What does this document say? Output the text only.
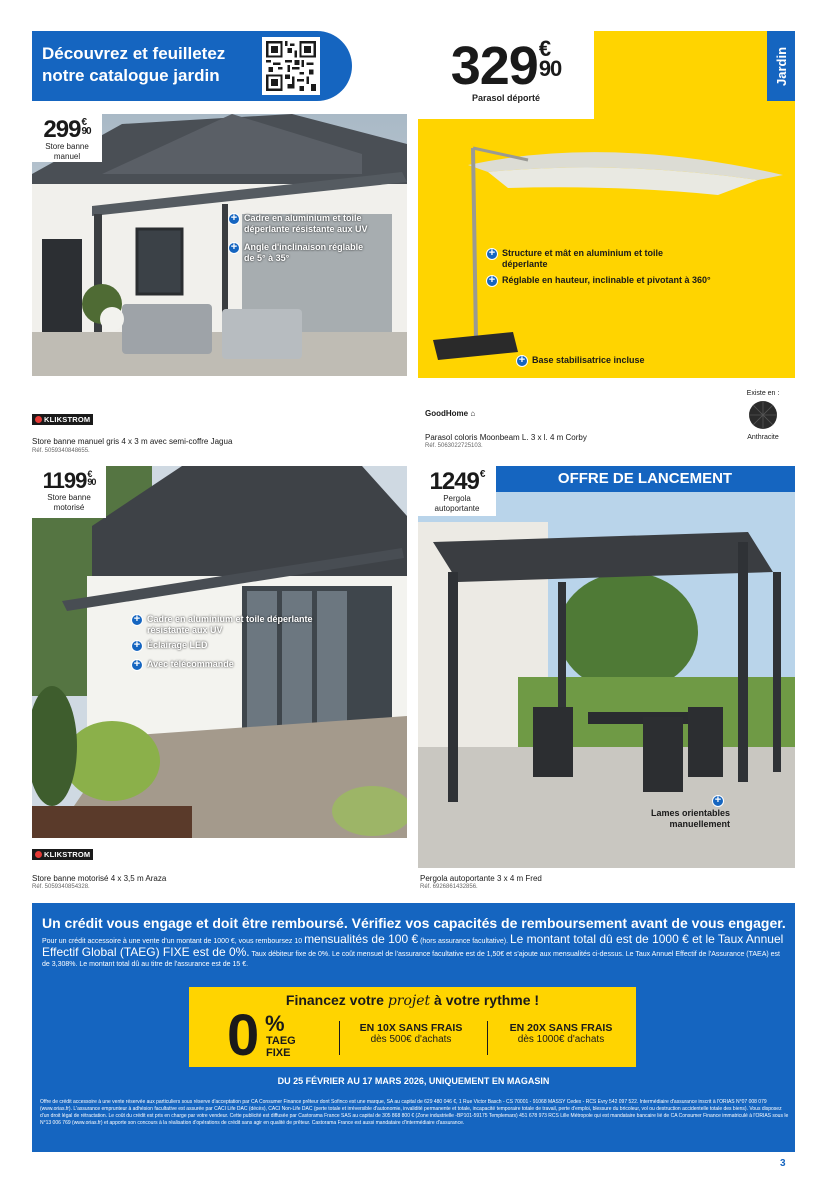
Découvrez et feuilletez
notre catalogue jardin
299 €
90
Store banne manuel
+ Cadre en aluminium et toile déperlante résistante aux UV
+ Angle d'inclinaison réglable de 5° à 35°
KLIKSTROM
Store banne manuel gris 4 x 3 m avec semi-coffre Jagua
Réf. 5059340848655.
329 €
90
Parasol déporté
Jardin
+ Structure et mât en aluminium et toile déperlante
+ Réglable en hauteur, inclinable et pivotant à 360°
+ Base stabilisatrice incluse
GoodHome ⌂
Parasol coloris Moonbeam L. 3 x l. 4 m Corby
Réf. 5063022725103.
Existe en :
Anthracite
1199 €
90
Store banne motorisé
+ Cadre en aluminium et toile déperlante résistante aux UV
+ Éclairage LED
+ Avec télécommande
KLIKSTROM
Store banne motorisé 4 x 3,5 m Araza
Réf. 5059340854328.
OFFRE DE LANCEMENT
1249 €
Pergola autoportante
+
Lames orientables manuellement
Pergola autoportante 3 x 4 m Fred
Réf. 6926861432856.
Un crédit vous engage et doit être remboursé. Vérifiez vos capacités de remboursement avant de vous engager.
Pour un crédit accessoire à une vente d'un montant de 1000 €, vous remboursez 10 mensualités de 100 € (hors assurance facultative). Le montant total dû est de 1000 € et le Taux Annuel Effectif Global (TAEG) FIXE est de 0%. Taux débiteur fixe de 0%. Le coût mensuel de l'assurance facultative est de 1,50€ et s'ajoute aux mensualités ci-dessus. Le Taux Annuel Effectif de l'Assurance (TAEA) est de 3,308%. Le montant total dû au titre de l'assurance est de 15 €.
Financez votre projet à votre rythme !
0 %
TAEG
FIXE
EN 10X SANS FRAIS
dès 500€ d'achats
EN 20X SANS FRAIS
dès 1000€ d'achats
DU 25 FÉVRIER AU 17 MARS 2026, UNIQUEMENT EN MAGASIN
Offre de crédit accessoire à une vente réservée aux particuliers sous réserve d'acceptation par CA Consumer Finance prêteur dont Sofinco est une marque, SA au capital de 629 480 046 €, 1 Rue Victor Basch - CS 70001 - 91068 MASSY Cedex - RCS Evry 542 097 522. Intermédiaire d'assurance inscrit à l'ORIAS N°07 008 079 (www.orias.fr). L'assurance emprunteur à adhésion facultative est assurée par CACI Life DAC (décès), CACI Non-Life DAC (perte totale et irréversible d'autonomie, invalidité permanente et totale, incapacité temporaire totale de travail, perte d'emploi, blessure du bricoleur, vol ou destruction accidentelle totale des biens). Vous disposez d'un droit légal de rétractation. Le coût du crédit est pris en charge par votre vendeur. Cette publicité est diffusée par Castorama France SAS au capital de 305 868 800 € (Zone industrielle -BP101-59175 Templemars) 451 678 973 RCS Lille Métropole qui est mandataire bancaire lié de CA Consumer Finance immatriculé à l'ORIAS sous le N°13 006 769 (www.orias.fr) et apporte son concours à la réalisation d'opérations de crédit sans agir en qualité de prêteur. Castorama France est aussi mandataire d'intermédiaire d'assurance.
3
